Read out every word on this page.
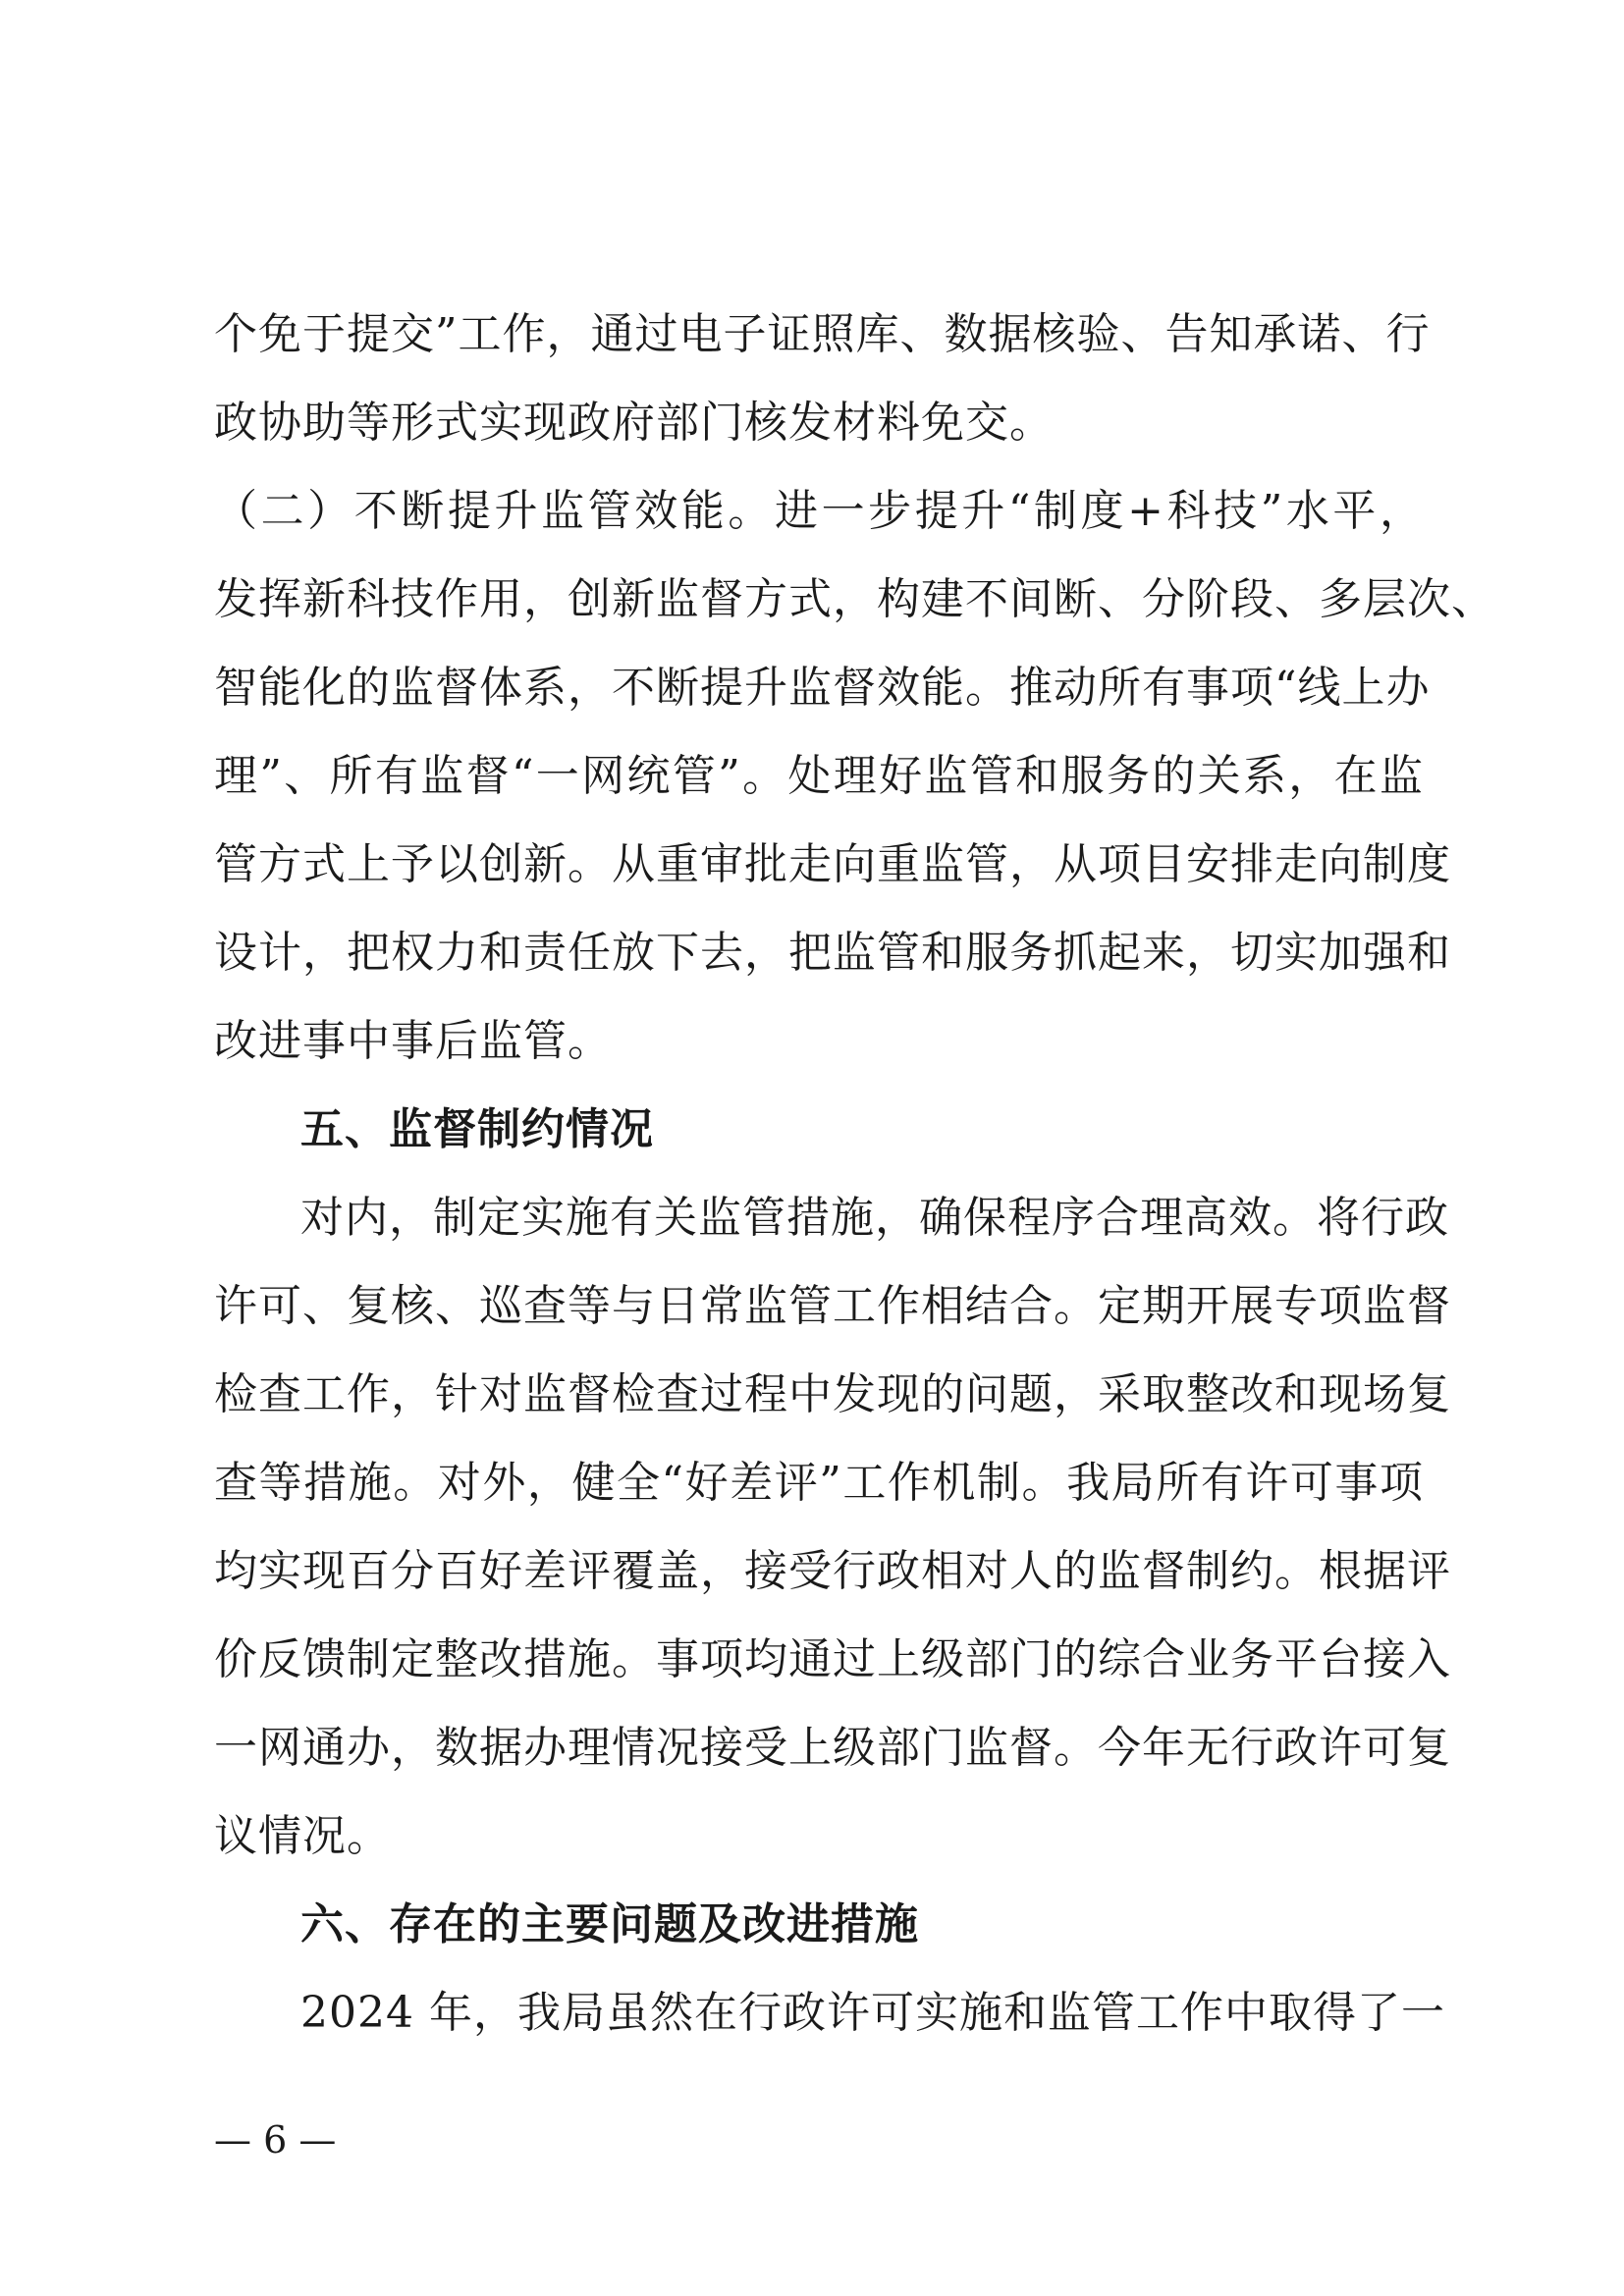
个免于提交”工作，通过电子证照库、数据核验、告知承诺、行
政协助等形式实现政府部门核发材料免交。
（二）不断提升监管效能。进一步提升“制度+科技”水平，
发挥新科技作用，创新监督方式，构建不间断、分阶段、多层次、
智能化的监督体系，不断提升监督效能。推动所有事项“线上办
理”、所有监督“一网统管”。处理好监管和服务的关系，在监
管方式上予以创新。从重审批走向重监管，从项目安排走向制度
设计，把权力和责任放下去，把监管和服务抓起来，切实加强和
改进事中事后监管。
五、监督制约情况
对内，制定实施有关监管措施，确保程序合理高效。将行政
许可、复核、巡查等与日常监管工作相结合。定期开展专项监督
检查工作，针对监督检查过程中发现的问题，采取整改和现场复
查等措施。对外，健全“好差评”工作机制。我局所有许可事项
均实现百分百好差评覆盖，接受行政相对人的监督制约。根据评
价反馈制定整改措施。事项均通过上级部门的综合业务平台接入
一网通办，数据办理情况接受上级部门监督。今年无行政许可复
议情况。
六、存在的主要问题及改进措施
2024 年，我局虽然在行政许可实施和监管工作中取得了一
— 6 —
